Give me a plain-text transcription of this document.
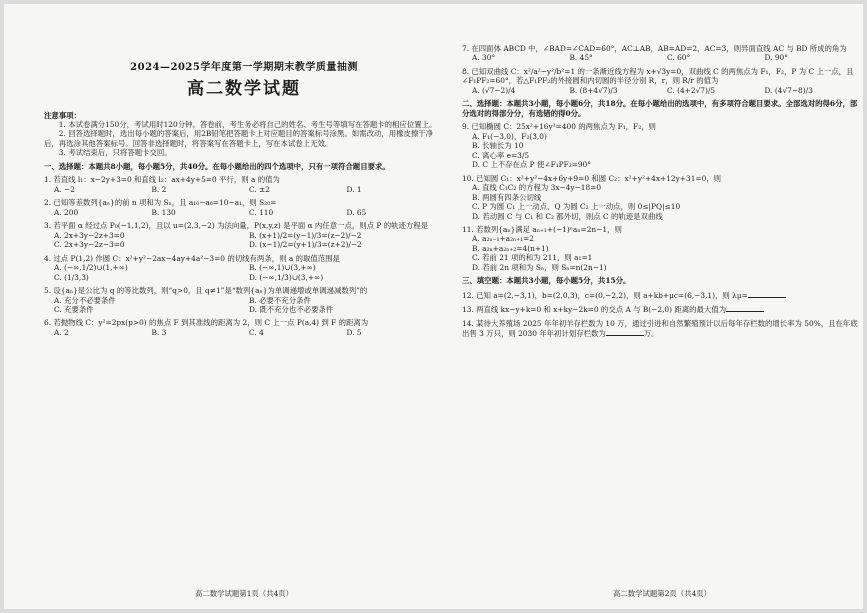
2024—2025学年度第一学期期末教学质量抽测
高二数学试题
注意事项：
1. 本试卷满分150分，考试用时120分钟。答卷前，考生务必将自己的姓名、考生号等填写在答题卡的相应位置上。
2. 回答选择题时，选出每小题的答案后，用2B铅笔把答题卡上对应题目的答案标号涂黑。如需改动，用橡皮擦干净后，再选涂其他答案标号。回答非选择题时，将答案写在答题卡上，写在本试卷上无效。
3. 考试结束后，只将答题卡交回。
一、选择题：本题共8小题，每小题5分，共40分。在每小题给出的四个选项中，只有一项符合题目要求。
1. 若直线 l₁：x−2y+3=0 和直线 l₂：ax+4y+5=0 平行，则 a 的值为
A. −2	B. 2	C. ±2	D. 1
2. 已知等差数列{aₙ}的前 n 项和为 Sₙ，且 a₁₀−a₆=10−a₁，则 S₂₀=
A. 200	B. 130	C. 110	D. 65
3. 若平面 α 经过点 P₀(−1,1,2)，且以 u=(2,3,−2) 为法向量，P(x,y,z) 是平面 α 内任意一点，则点 P 的轨迹方程是
A. 2x+3y−2z+3=0	B. (x+1)/2=(y−1)/3=(z−2)/−2
C. 2x+3y−2z−3=0	D. (x−1)/2=(y+1)/3=(z+2)/−2
4. 过点 P(1,2) 作圆 C：x²+y²−2ax−4ay+4a²−3=0 的切线有两条，则 a 的取值范围是
A. (−∞,1/2)∪(1,+∞)	B. (−∞,1)∪(3,+∞)
C. (1/3,3)	D. (−∞,1/3)∪(3,+∞)
5. 设{aₙ}是公比为 q 的等比数列，则“q>0，且 q≠1”是“数列{aₙ}为单调递增或单调递减数列”的
A. 充分不必要条件	B. 必要不充分条件
C. 充要条件	D. 既不充分也不必要条件
6. 若抛物线 C：y²=2px(p>0) 的焦点 F 到其准线的距离为 2，则 C 上一点 P(a,4) 到 F 的距离为
A. 2	B. 3	C. 4	D. 5
高二数学试题第1页（共4页）
7. 在四面体 ABCD 中，∠BAD=∠CAD=60°，AC⊥AB，AB=AD=2，AC=3，则异面直线 AC 与 BD 所成的角为
A. 30°	B. 45°	C. 60°	D. 90°
8. 已知双曲线 C：x²/a²−y²/b²=1 的一条渐近线方程为 x+√3y=0，双曲线 C 的两焦点为 F₁，F₂，P 为 C 上一点，且∠F₁PF₂=60°，若△F₁PF₂的外接圆和内切圆的半径分别 R，r，则 R/r 的值为
A. (√7−2)/4	B. (8+4√7)/3	C. (4+2√7)/5	D. (4√7−8)/3
二、选择题：本题共3小题，每小题6分，共18分。在每小题给出的选项中，有多项符合题目要求。全部选对的得6分，部分选对的得部分分，有选错的得0分。
9. 已知椭圆 C：25x²+16y²=400 的两焦点为 F₁，F₂，则
A. F₁(−3,0)，F₂(3,0)
B. 长轴长为 10
C. 离心率 e=3/5
D. C 上不存在点 P 使∠F₁PF₂=90°
10. 已知圆 C₁：x²+y²−4x+6y+9=0 和圆 C₂：x²+y²+4x+12y+31=0，则
A. 直线 C₁C₂ 的方程为 3x−4y−18=0
B. 两圆有四条公切线
C. P 为圆 C₁ 上一动点，Q 为圆 C₂ 上一动点，则 0≤|PQ|≤10
D. 若动圆 C 与 C₁ 和 C₂ 都外切，则点 C 的轨迹是双曲线
11. 若数列{aₙ}满足 aₙ₊₁+(−1)ⁿaₙ=2n−1，则
A. a₂ₙ₋₁+a₂ₙ₊₁=2
B. a₂ₙ+a₂ₙ₊₂=4(n+1)
C. 若前 21 项的和为 211，则 a₁=1
D. 若前 2n 项和为 Sₙ，则 Sₙ=n(2n−1)
三、填空题：本题共3小题，每小题5分，共15分。
12. 已知 a=(2,−3,1)，b=(2,0,3)，c=(0,−2,2)，则 a+kb+μc=(6,−3,1)，则 λμ=
13. 两直线 kx−y+k=0 和 x+ky−2k=0 的交点 A 与 B(−2,0) 距离的最大值为
14. 某待大养殖场 2025 年年初羊存栏数为 10 万，通过引进和自然繁殖预计以后每年存栏数的增长率为 50%，且在年底出售 3 万只，则 2030 年年初计划存栏数为	万。
高二数学试题第2页（共4页）
